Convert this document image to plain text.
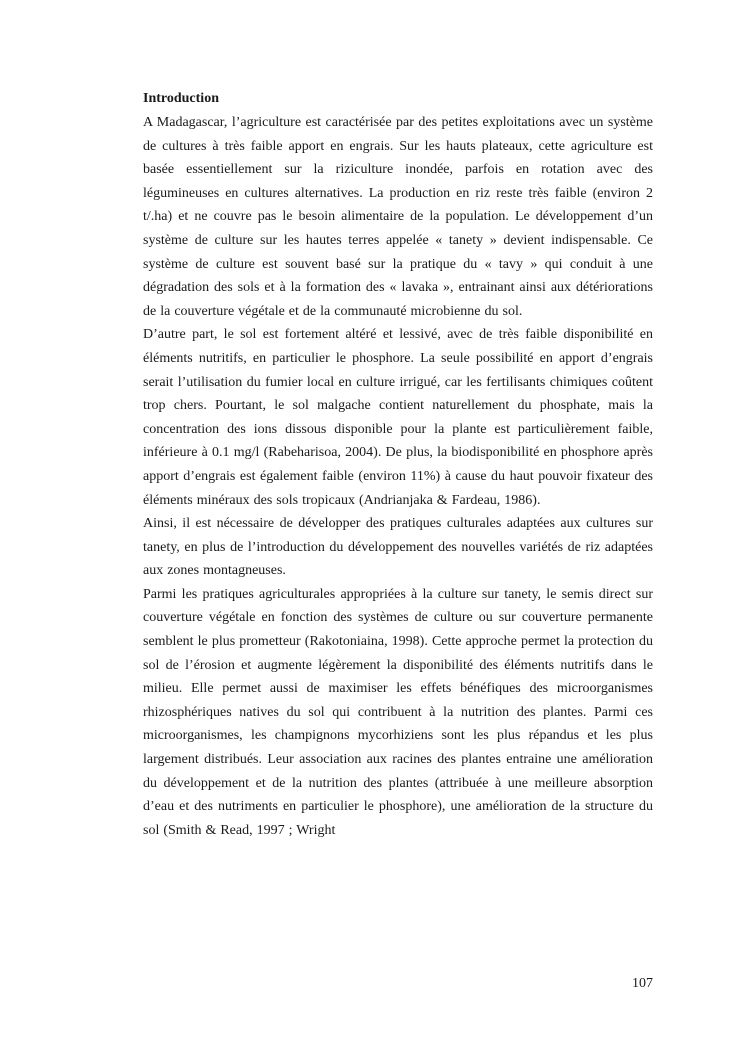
Introduction

A Madagascar, l’agriculture est caractérisée par des petites exploitations avec un système de cultures à très faible apport en engrais. Sur les hauts plateaux, cette agriculture est basée essentiellement sur la riziculture inondée, parfois en rotation avec des légumineuses en cultures alternatives. La production en riz reste très faible (environ 2 t/.ha) et ne couvre pas le besoin alimentaire de la population. Le développement d’un système de culture sur les hautes terres appelée « tanety » devient indispensable. Ce système de culture est souvent basé sur la pratique du « tavy » qui conduit à une dégradation des sols et à la formation des « lavaka », entrainant ainsi aux détériorations de la couverture végétale et de la communauté microbienne du sol.

D’autre part, le sol est fortement altéré et lessivé, avec de très faible disponibilité en éléments nutritifs, en particulier le phosphore. La seule possibilité en apport d’engrais serait l’utilisation du fumier local en culture irrigué, car les fertilisants chimiques coûtent trop chers. Pourtant, le sol malgache contient naturellement du phosphate, mais la concentration des ions dissous disponible pour la plante est particulièrement faible, inférieure à 0.1 mg/l (Rabeharisoa, 2004). De plus, la biodisponibilité en phosphore après apport d’engrais est également faible (environ 11%) à cause du haut pouvoir fixateur des éléments minéraux des sols tropicaux (Andrianjaka & Fardeau, 1986).

Ainsi, il est nécessaire de développer des pratiques culturales adaptées aux cultures sur tanety, en plus de l’introduction du développement des nouvelles variétés de riz adaptées aux zones montagneuses.

Parmi les pratiques agriculturales appropriées à la culture sur tanety, le semis direct sur couverture végétale en fonction des systèmes de culture ou sur couverture permanente semblent le plus prometteur (Rakotoniaina, 1998). Cette approche permet la protection du sol de l’érosion et augmente légèrement la disponibilité des éléments nutritifs dans le milieu. Elle permet aussi de maximiser les effets bénéfiques des microorganismes rhizosphériques natives du sol qui contribuent à la nutrition des plantes. Parmi ces microorganismes, les champignons mycorhiziens sont les plus répandus et les plus largement distribués. Leur association aux racines des plantes entraine une amélioration du développement et de la nutrition des plantes (attribuée à une meilleure absorption d’eau et des nutriments en particulier le phosphore), une amélioration de la structure du sol (Smith & Read, 1997 ; Wright

107
